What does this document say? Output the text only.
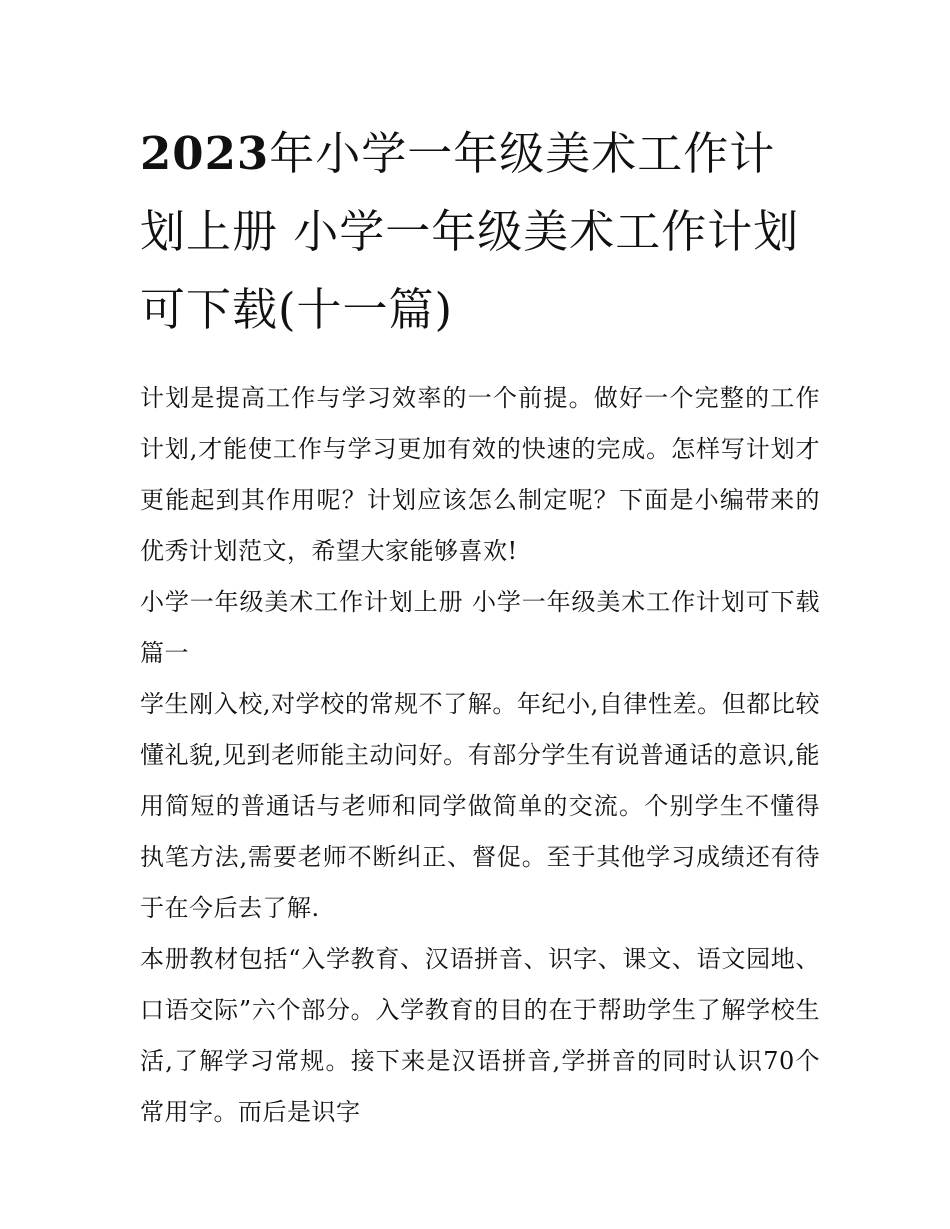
2023年小学一年级美术工作计划上册 小学一年级美术工作计划可下载(十一篇)

计划是提高工作与学习效率的一个前提。做好一个完整的工作计划,才能使工作与学习更加有效的快速的完成。怎样写计划才更能起到其作用呢？计划应该怎么制定呢？下面是小编带来的优秀计划范文，希望大家能够喜欢!

小学一年级美术工作计划上册 小学一年级美术工作计划可下载篇一

学生刚入校,对学校的常规不了解。年纪小,自律性差。但都比较懂礼貌,见到老师能主动问好。有部分学生有说普通话的意识,能用简短的普通话与老师和同学做简单的交流。个别学生不懂得执笔方法,需要老师不断纠正、督促。至于其他学习成绩还有待于在今后去了解.

本册教材包括“入学教育、汉语拼音、识字、课文、语文园地、口语交际”六个部分。入学教育的目的在于帮助学生了解学校生活,了解学习常规。接下来是汉语拼音,学拼音的同时认识70个常用字。而后是识字
